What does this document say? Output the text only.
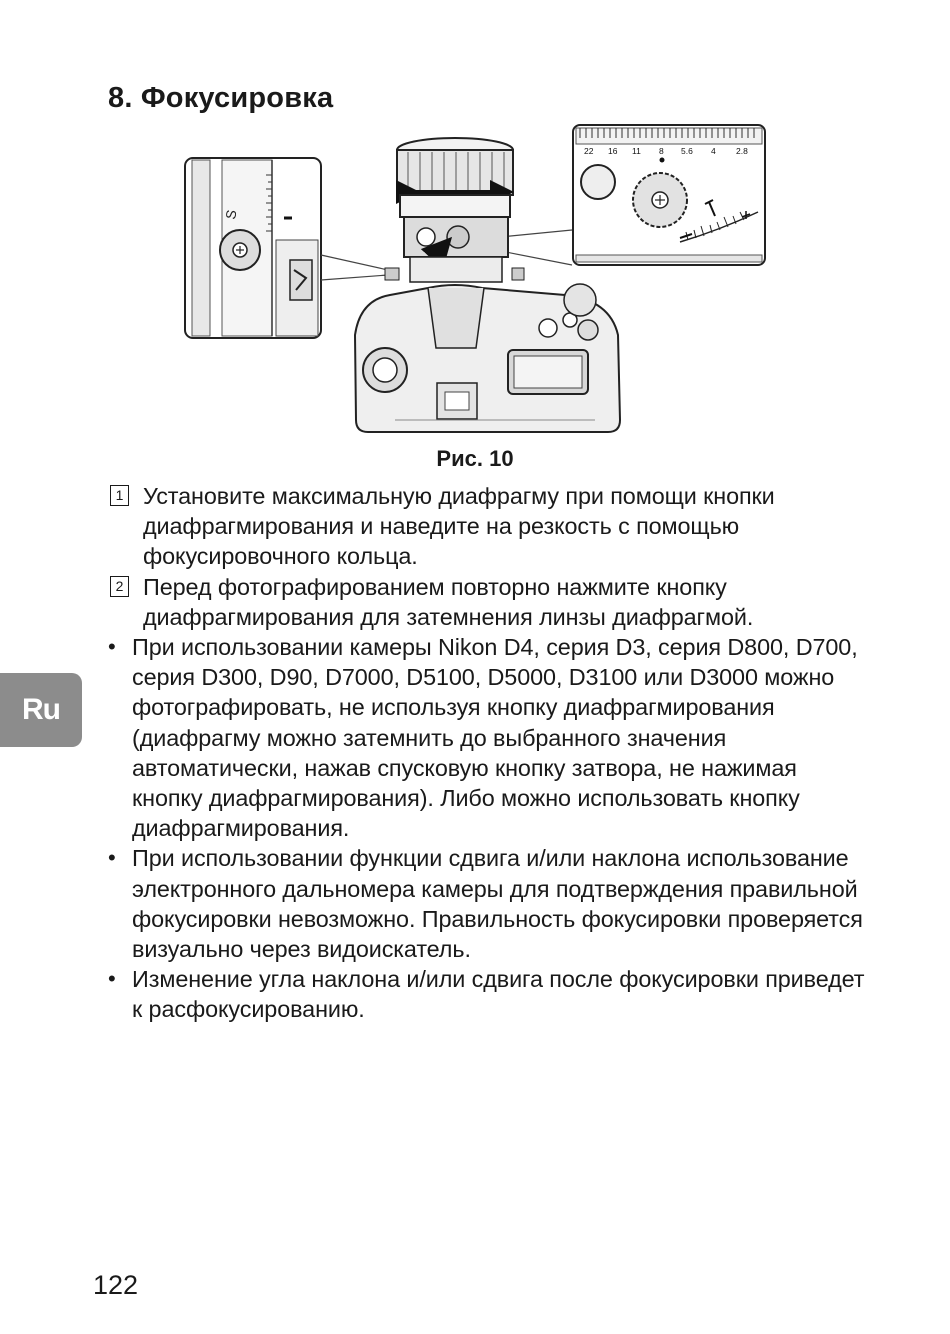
8. Фокусировка
S
22 16 11 8 5.6 4 2.8
Рис. 10
1 Установите максимальную диафрагму при помощи кнопки диафрагмирования и наведите на резкость с помощью фокусировочного кольца.
2 Перед фотографированием повторно нажмите кнопку диафрагмирования для затемнения линзы диафрагмой.
• При использовании камеры Nikon D4, серия D3, серия D800, D700, серия D300, D90, D7000, D5100, D5000, D3100 или D3000 можно фотографировать, не используя кнопку диафрагмирования (диафрагму можно затемнить до выбранного значения автоматически, нажав спусковую кнопку затвора, не нажимая кнопку диафрагмирования). Либо можно использовать кнопку диафрагмирования.
• При использовании функции сдвига и/или наклона использование электронного дальномера камеры для подтверждения правильной фокусировки невозможно. Правильность фокусировки проверяется визуально через видоискатель.
• Изменение угла наклона и/или сдвига после фокусировки приведет к расфокусированию.
Ru
122
